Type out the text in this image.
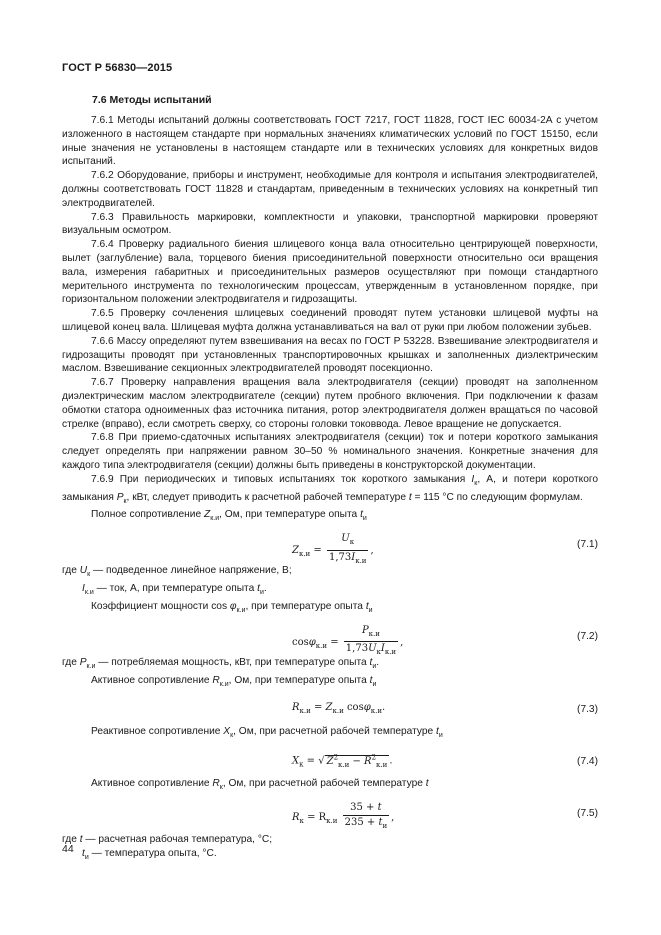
ГОСТ Р 56830—2015
7.6 Методы испытаний

7.6.1 Методы испытаний должны соответствовать ГОСТ 7217, ГОСТ 11828, ГОСТ IEC 60034-2А с учетом изложенного в настоящем стандарте при нормальных значениях климатических условий по ГОСТ 15150, если иные значения не установлены в настоящем стандарте или в технических условиях для конкретных видов испытаний.

7.6.2 Оборудование, приборы и инструмент, необходимые для контроля и испытания электродвигателей, должны соответствовать ГОСТ 11828 и стандартам, приведенным в технических условиях на конкретный тип электродвигателей.

7.6.3 Правильность маркировки, комплектности и упаковки, транспортной маркировки проверяют визуальным осмотром.

7.6.4 Проверку радиального биения шлицевого конца вала относительно центрирующей поверхности, вылет (заглубление) вала, торцевого биения присоединительной поверхности относительно оси вращения вала, измерения габаритных и присоединительных размеров осуществляют при помощи стандартного мерительного инструмента по технологическим процессам, утвержденным в установленном порядке, при горизонтальном положении электродвигателя и гидрозащиты.

7.6.5 Проверку сочленения шлицевых соединений проводят путем установки шлицевой муфты на шлицевой конец вала. Шлицевая муфта должна устанавливаться на вал от руки при любом положении зубьев.

7.6.6 Массу определяют путем взвешивания на весах по ГОСТ Р 53228. Взвешивание электродвигателя и гидрозащиты проводят при установленных транспортировочных крышках и заполненных диэлектрическим маслом. Взвешивание секционных электродвигателей проводят посекционно.

7.6.7 Проверку направления вращения вала электродвигателя (секции) проводят на заполненном диэлектрическим маслом электродвигателе (секции) путем пробного включения. При подключении к фазам обмотки статора одноименных фаз источника питания, ротор электродвигателя должен вращаться по часовой стрелке (вправо), если смотреть сверху, со стороны головки токоввода. Левое вращение не допускается.

7.6.8 При приемо-сдаточных испытаниях электродвигателя (секции) ток и потери короткого замыкания следует определять при напряжении равном 30–50 % номинального значения. Конкретные значения для каждого типа электродвигателя (секции) должны быть приведены в конструкторской документации.

7.6.9 При периодических и типовых испытаниях ток короткого замыкания $I_к$, А, и потери короткого замыкания $P_к$, кВт, следует приводить к расчетной рабочей температуре t = 115 °С по следующим формулам.

Полное сопротивление $Z_{к.и}$, Ом, при температуре опыта $t_и$

$Z_{к.и} = \frac{U_к}{1,73I_{к.и}}$ ,
(7.1)

где $U_к$ — подведенное линейное напряжение, В;

$I_{к.и}$ — ток, А, при температуре опыта $t_и$.

Коэффициент мощности $\cos \varphi_{к.и}$, при температуре опыта $t_и$

$\cos\varphi_{к.и} = \frac{P_{к.и}}{1,73U_кI_{к.и}}$ ,
(7.2)

где $P_{к.и}$ — потребляемая мощность, кВт, при температуре опыта $t_и$.

Активное сопротивление $R_{к.и}$, Ом, при температуре опыта $t_и$

$R_{к.и} = Z_{к.и}$ cosφ$_{к.и}$.	(7.3)

Реактивное сопротивление $X_к$, Ом, при расчетной рабочей температуре $t_и$

$X_к$ = √ $Z^2_{к.и} - R^2_{к.и}$ .	(7.4)

Активное сопротивление $R_к$, Ом, при расчетной рабочей температуре t

$R_к = R_{к.и} \frac{35 + t}{235 + t_и}$ ,	(7.5)

где t — расчетная рабочая температура, °С;

$t_и$ — температура опыта, °С.

44
